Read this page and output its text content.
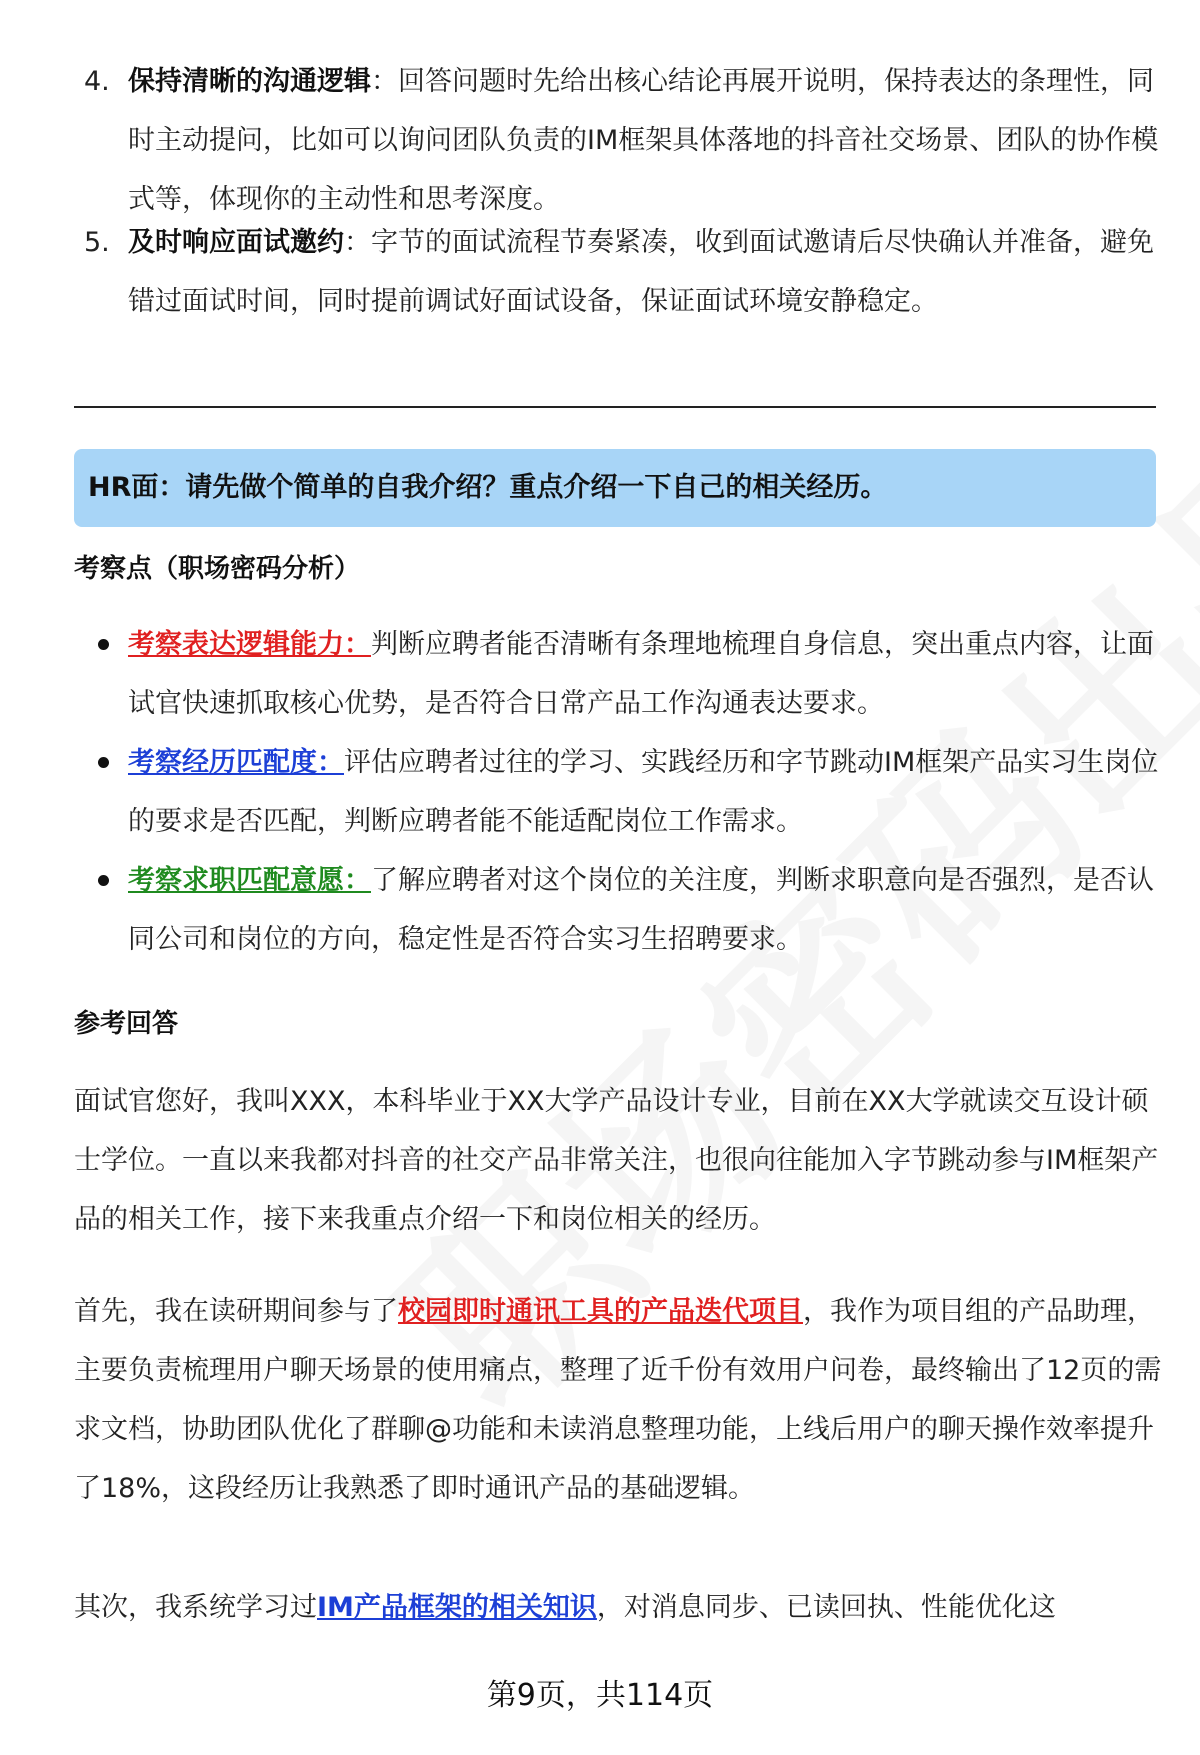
4. 保持清晰的沟通逻辑：回答问题时先给出核心结论再展开说明，保持表达的条理性，同时主动提问，比如可以询问团队负责的IM框架具体落地的抖音社交场景、团队的协作模式等，体现你的主动性和思考深度。
5. 及时响应面试邀约：字节的面试流程节奏紧凑，收到面试邀请后尽快确认并准备，避免错过面试时间，同时提前调试好面试设备，保证面试环境安静稳定。
HR面：请先做个简单的自我介绍？重点介绍一下自己的相关经历。
考察点（职场密码分析）
考察表达逻辑能力：判断应聘者能否清晰有条理地梳理自身信息，突出重点内容，让面试官快速抓取核心优势，是否符合日常产品工作沟通表达要求。
考察经历匹配度：评估应聘者过往的学习、实践经历和字节跳动IM框架产品实习生岗位的要求是否匹配，判断应聘者能不能适配岗位工作需求。
考察求职匹配意愿：了解应聘者对这个岗位的关注度，判断求职意向是否强烈，是否认同公司和岗位的方向，稳定性是否符合实习生招聘要求。
参考回答
面试官您好，我叫XXX，本科毕业于XX大学产品设计专业，目前在XX大学就读交互设计硕士学位。一直以来我都对抖音的社交产品非常关注，也很向往能加入字节跳动参与IM框架产品的相关工作，接下来我重点介绍一下和岗位相关的经历。
首先，我在读研期间参与了校园即时通讯工具的产品迭代项目，我作为项目组的产品助理，主要负责梳理用户聊天场景的使用痛点，整理了近千份有效用户问卷，最终输出了12页的需求文档，协助团队优化了群聊@功能和未读消息整理功能，上线后用户的聊天操作效率提升了18%，这段经历让我熟悉了即时通讯产品的基础逻辑。
其次，我系统学习过IM产品框架的相关知识，对消息同步、已读回执、性能优化这
第9页，共114页
